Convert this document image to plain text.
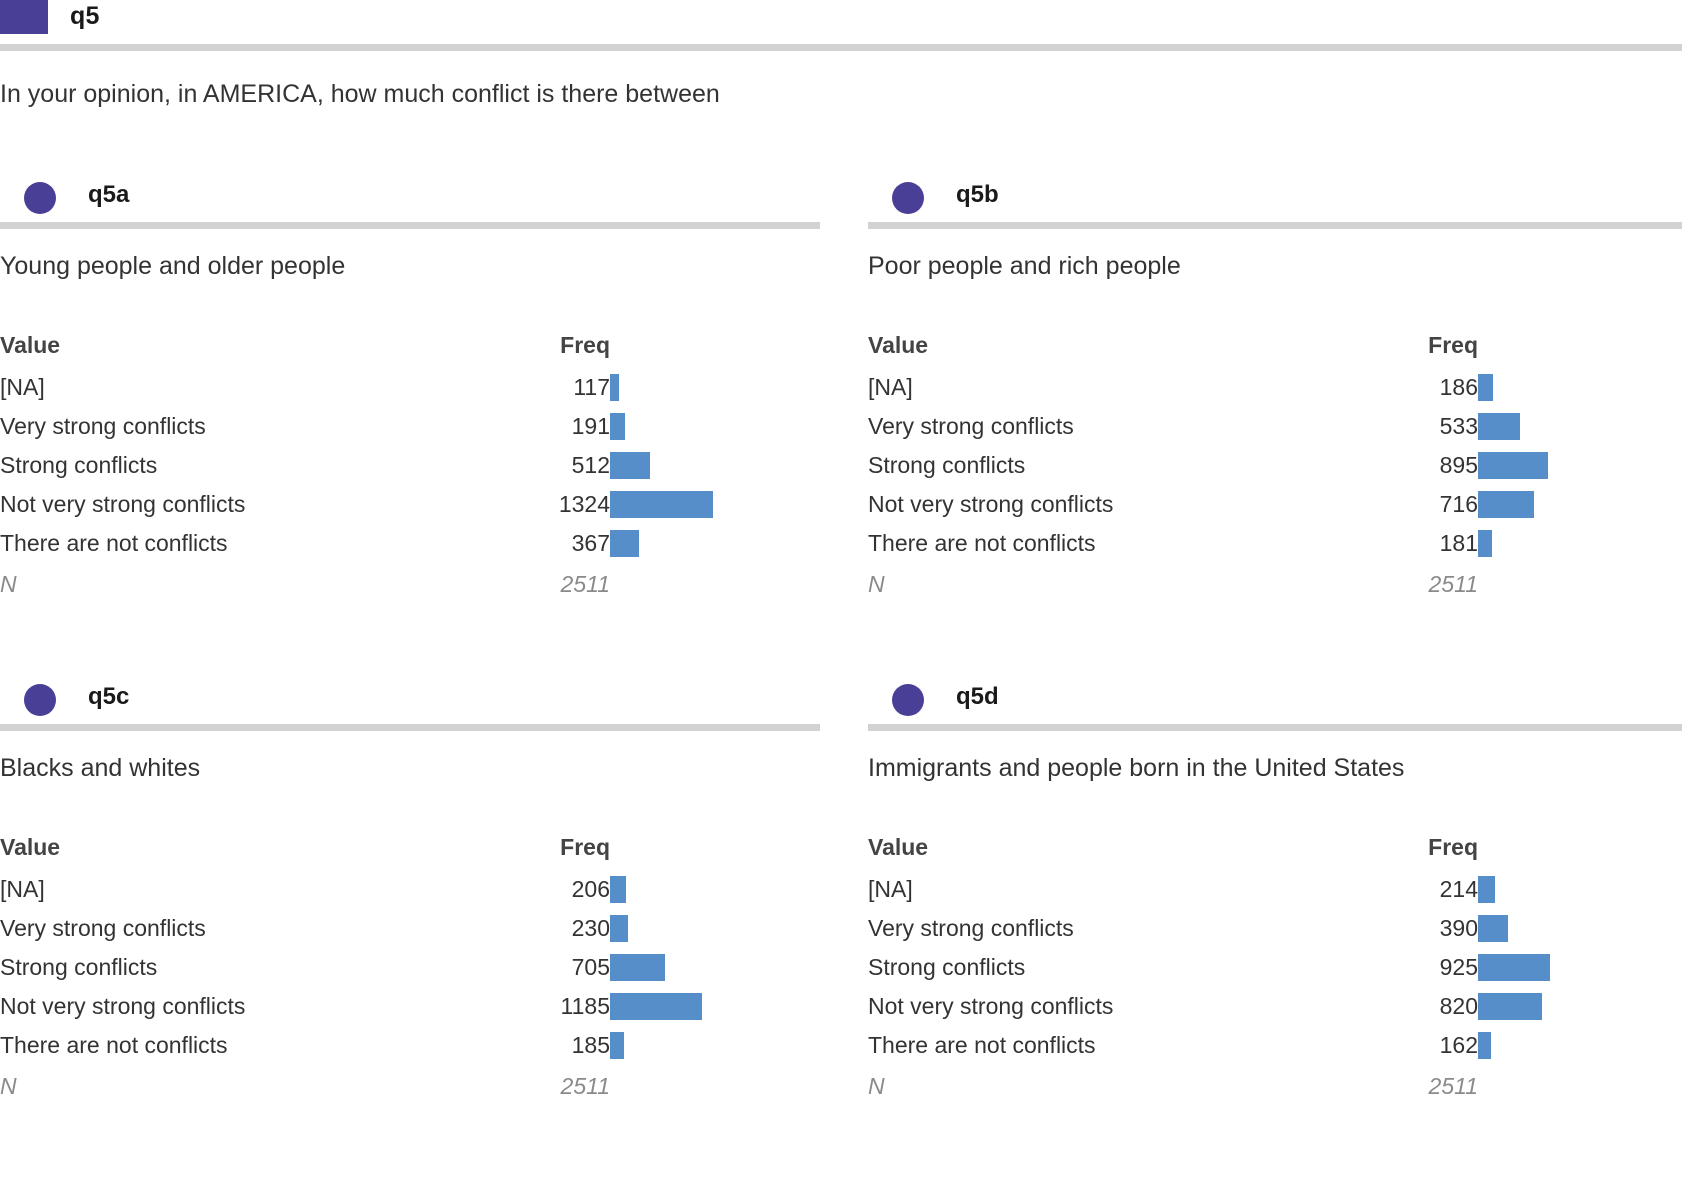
q5
In your opinion, in AMERICA, how much conflict is there between
q5a
Young people and older people
Value	Freq	
[NA]	117	

Very strong conflicts	191	

Strong conflicts	512	

Not very strong conflicts	1324	

There are not conflicts	367	

N	2511	
q5b
Poor people and rich people
Value	Freq	
[NA]	186	

Very strong conflicts	533	

Strong conflicts	895	

Not very strong conflicts	716	

There are not conflicts	181	

N	2511	
q5c
Blacks and whites
Value	Freq	
[NA]	206	

Very strong conflicts	230	

Strong conflicts	705	

Not very strong conflicts	1185	

There are not conflicts	185	

N	2511	
q5d
Immigrants and people born in the United States
Value	Freq	
[NA]	214	

Very strong conflicts	390	

Strong conflicts	925	

Not very strong conflicts	820	

There are not conflicts	162	

N	2511	
